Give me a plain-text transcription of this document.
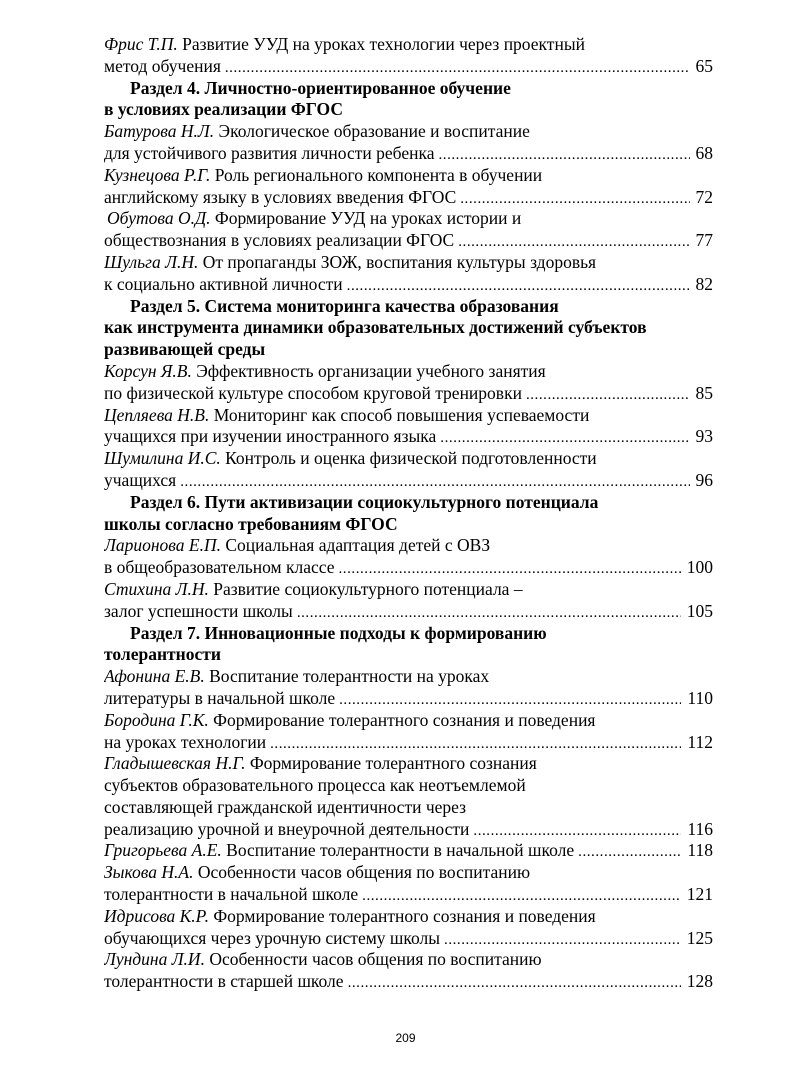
Фрис Т.П. Развитие УУД на уроках технологии через проектный
метод обучения . . .	65
Раздел 4. Личностно-ориентированное обучение
в условиях реализации ФГОС
Батурова Н.Л. Экологическое образование и воспитание
для устойчивого развития личности ребенка . . .	68
Кузнецова Р.Г. Роль регионального компонента в обучении
английскому языку в условиях введения ФГОС . . .	72
Обутова О.Д. Формирование УУД на уроках истории и
обществознания в условиях реализации ФГОС . . .	77
Шульга Л.Н. От пропаганды ЗОЖ, воспитания культуры здоровья
к социально активной личности . . .	82
Раздел 5. Система мониторинга качества образования
как инструмента динамики образовательных достижений субъектов
развивающей среды
Корсун Я.В. Эффективность организации учебного занятия
по физической культуре способом круговой тренировки . . .	85
Цепляева Н.В. Мониторинг как способ повышения успеваемости
учащихся при изучении иностранного языка . . .	93
Шумилина И.С. Контроль и оценка физической подготовленности
учащихся . . .	96
Раздел 6. Пути активизации социокультурного потенциала
школы согласно требованиям ФГОС
Ларионова Е.П. Социальная адаптация детей с ОВЗ
в общеобразовательном классе . . .	100
Стихина Л.Н. Развитие социокультурного потенциала –
залог успешности школы . . .	105
Раздел 7. Инновационные подходы к формированию
толерантности
Афонина Е.В. Воспитание толерантности на уроках
литературы в начальной школе . . .	110
Бородина Г.К. Формирование толерантного сознания и поведения
на уроках технологии . . .	112
Гладышевская Н.Г. Формирование толерантного сознания
субъектов образовательного процесса как неотъемлемой
составляющей гражданской идентичности через
реализацию урочной и внеурочной деятельности . . .	116
Григорьева А.Е. Воспитание толерантности в начальной школе . . .	118
Зыкова Н.А. Особенности часов общения по воспитанию
толерантности в начальной школе . . .	121
Идрисова К.Р. Формирование толерантного сознания и поведения
обучающихся через урочную систему школы . . .	125
Лундина Л.И. Особенности часов общения по воспитанию
толерантности в старшей школе . . .	128
209
